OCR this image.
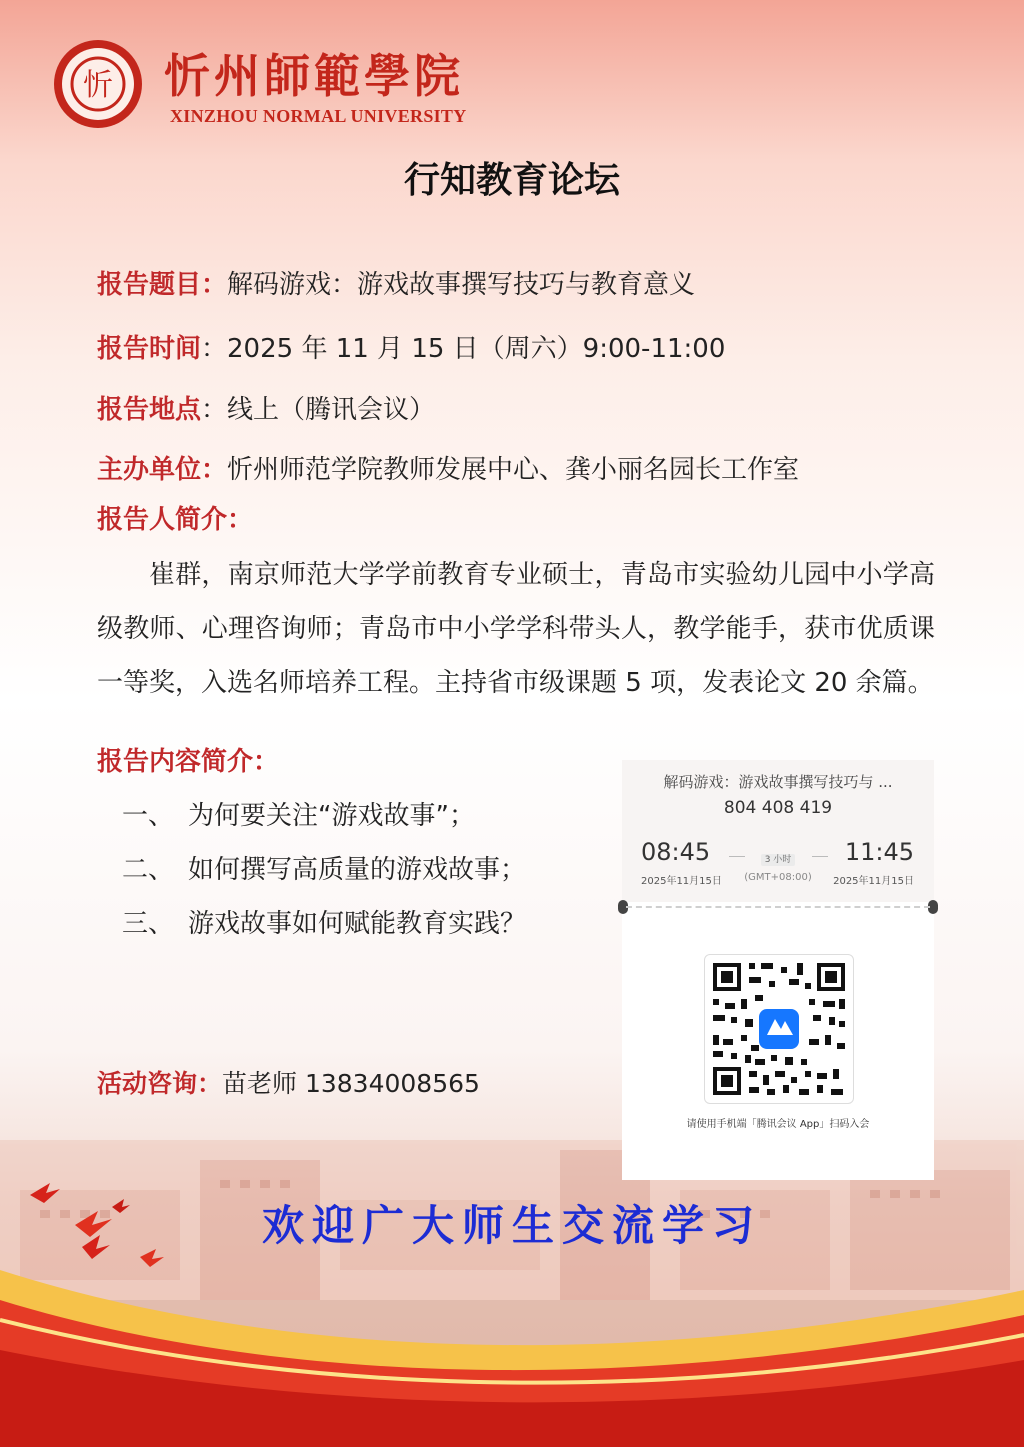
忻 忻州師範學院
XINZHOU NORMAL UNIVERSITY
行知教育论坛
报告题目：解码游戏：游戏故事撰写技巧与教育意义
报告时间：2025 年 11 月 15 日（周六）9:00-11:00
报告地点：线上（腾讯会议）
主办单位：忻州师范学院教师发展中心、龚小丽名园长工作室
报告人简介：
崔群，南京师范大学学前教育专业硕士，青岛市实验幼儿园中小学高级教师、心理咨询师；青岛市中小学学科带头人，教学能手，获市优质课一等奖，入选名师培养工程。主持省市级课题 5 项，发表论文 20 余篇。
报告内容简介：
一、 为何要关注“游戏故事”；
二、 如何撰写高质量的游戏故事；
三、 游戏故事如何赋能教育实践？
解码游戏：游戏故事撰写技巧与 ...
804 408 419
08:45
2025年11月15日
3 小时
(GMT+08:00)
11:45
2025年11月15日
请使用手机端「腾讯会议 App」扫码入会
活动咨询：苗老师 13834008565
欢迎广大师生交流学习
